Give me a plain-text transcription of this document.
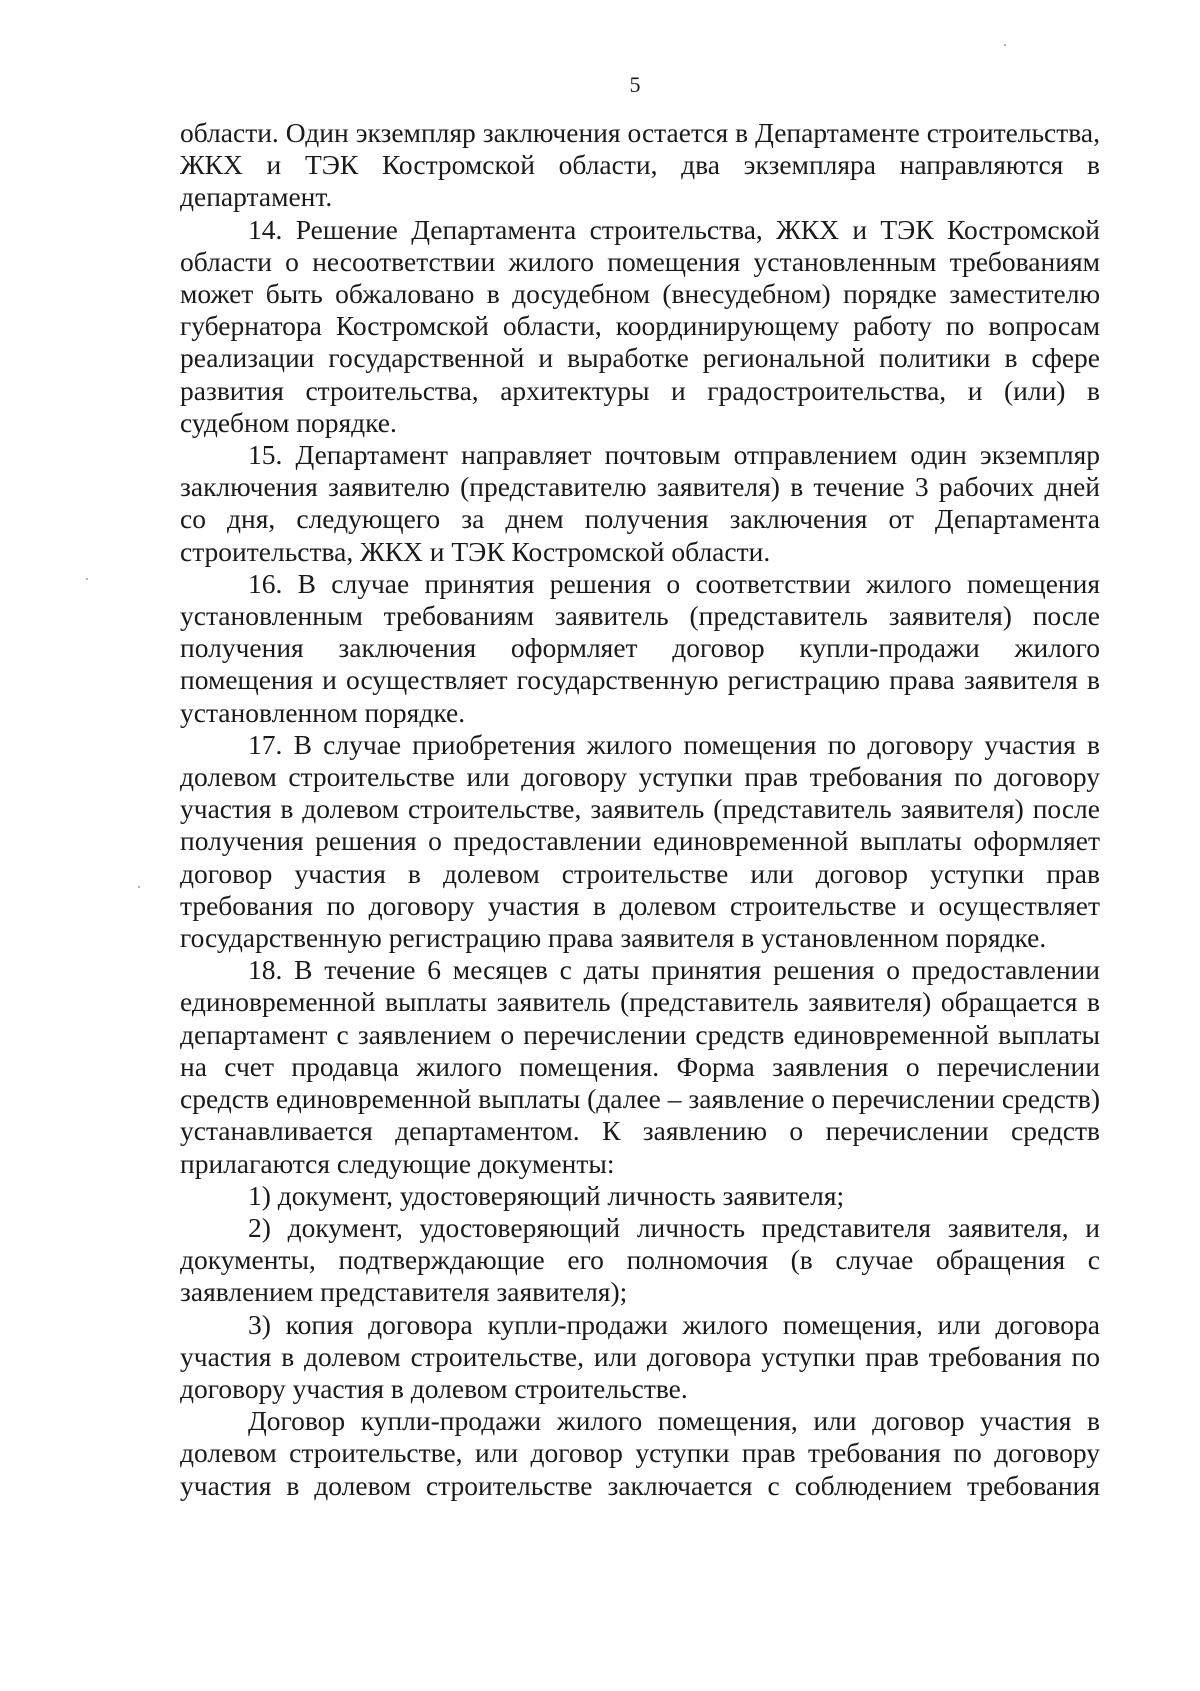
5

области. Один экземпляр заключения остается в Департаменте строительства, ЖКХ и ТЭК Костромской области, два экземпляра направляются в департамент.

14. Решение Департамента строительства, ЖКХ и ТЭК Костромской области о несоответствии жилого помещения установленным требованиям может быть обжаловано в досудебном (внесудебном) порядке заместителю губернатора Костромской области, координирующему работу по вопросам реализации государственной и выработке региональной политики в сфере развития строительства, архитектуры и градостроительства, и (или) в судебном порядке.

15. Департамент направляет почтовым отправлением один экземпляр заключения заявителю (представителю заявителя) в течение 3 рабочих дней со дня, следующего за днем получения заключения от Департамента строительства, ЖКХ и ТЭК Костромской области.

16. В случае принятия решения о соответствии жилого помещения установленным требованиям заявитель (представитель заявителя) после получения заключения оформляет договор купли-продажи жилого помещения и осуществляет государственную регистрацию права заявителя в установленном порядке.

17. В случае приобретения жилого помещения по договору участия в долевом строительстве или договору уступки прав требования по договору участия в долевом строительстве, заявитель (представитель заявителя) после получения решения о предоставлении единовременной выплаты оформляет договор участия в долевом строительстве или договор уступки прав требования по договору участия в долевом строительстве и осуществляет государственную регистрацию права заявителя в установленном порядке.

18. В течение 6 месяцев с даты принятия решения о предоставлении единовременной выплаты заявитель (представитель заявителя) обращается в департамент с заявлением о перечислении средств единовременной выплаты на счет продавца жилого помещения. Форма заявления о перечислении средств единовременной выплаты (далее – заявление о перечислении средств) устанавливается департаментом. К заявлению о перечислении средств прилагаются следующие документы:

1) документ, удостоверяющий личность заявителя;

2) документ, удостоверяющий личность представителя заявителя, и документы, подтверждающие его полномочия (в случае обращения с заявлением представителя заявителя);

3) копия договора купли-продажи жилого помещения, или договора участия в долевом строительстве, или договора уступки прав требования по договору участия в долевом строительстве.

Договор купли-продажи жилого помещения, или договор участия в долевом строительстве, или договор уступки прав требования по договору участия в долевом строительстве заключается с соблюдением требования
